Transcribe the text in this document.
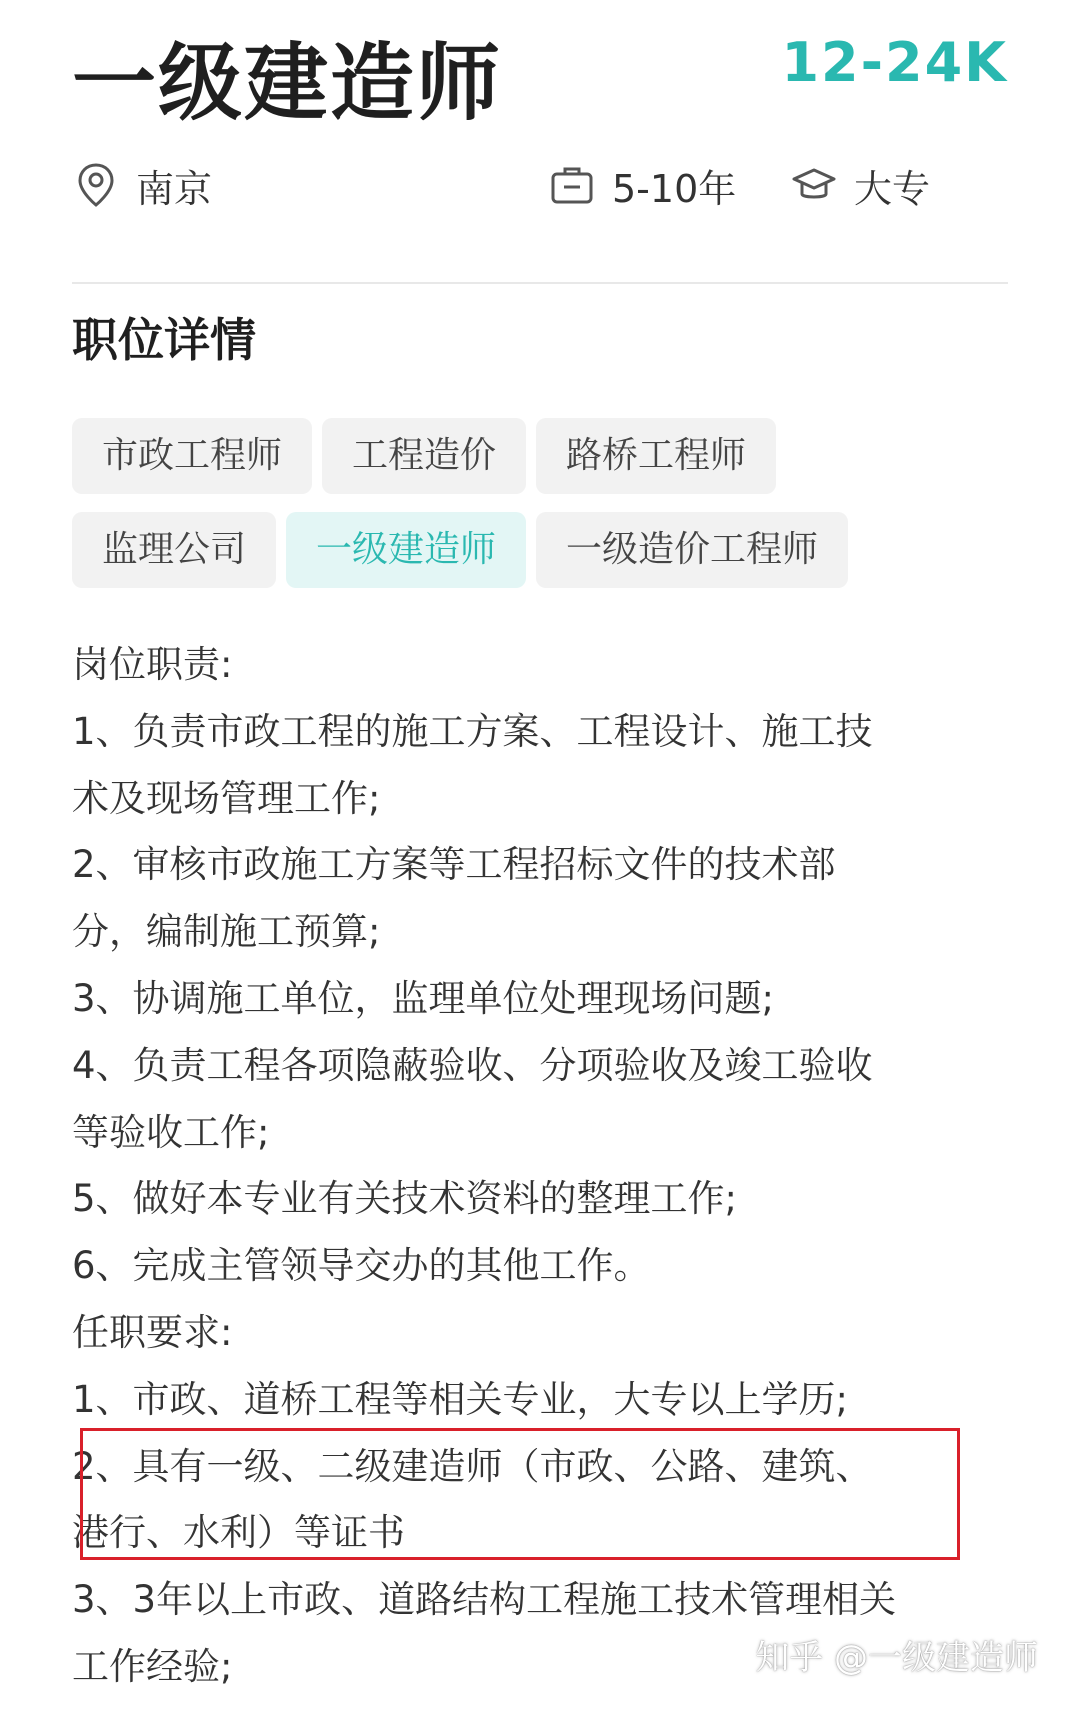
一级建造师	12-24K
南京	5-10年	大专
职位详情
市政工程师	工程造价	路桥工程师
监理公司	一级建造师	一级造价工程师

岗位职责:

1、负责市政工程的施工方案、工程设计、施工技

术及现场管理工作;

2、审核市政施工方案等工程招标文件的技术部

分，编制施工预算;

3、协调施工单位，监理单位处理现场问题;

4、负责工程各项隐蔽验收、分项验收及竣工验收

等验收工作;

5、做好本专业有关技术资料的整理工作;

6、完成主管领导交办的其他工作。

任职要求:

1、市政、道桥工程等相关专业，大专以上学历;

2、具有一级、二级建造师（市政、公路、建筑、

港行、水利）等证书

3、3年以上市政、道路结构工程施工技术管理相关

工作经验;	知乎 @一级建造师
